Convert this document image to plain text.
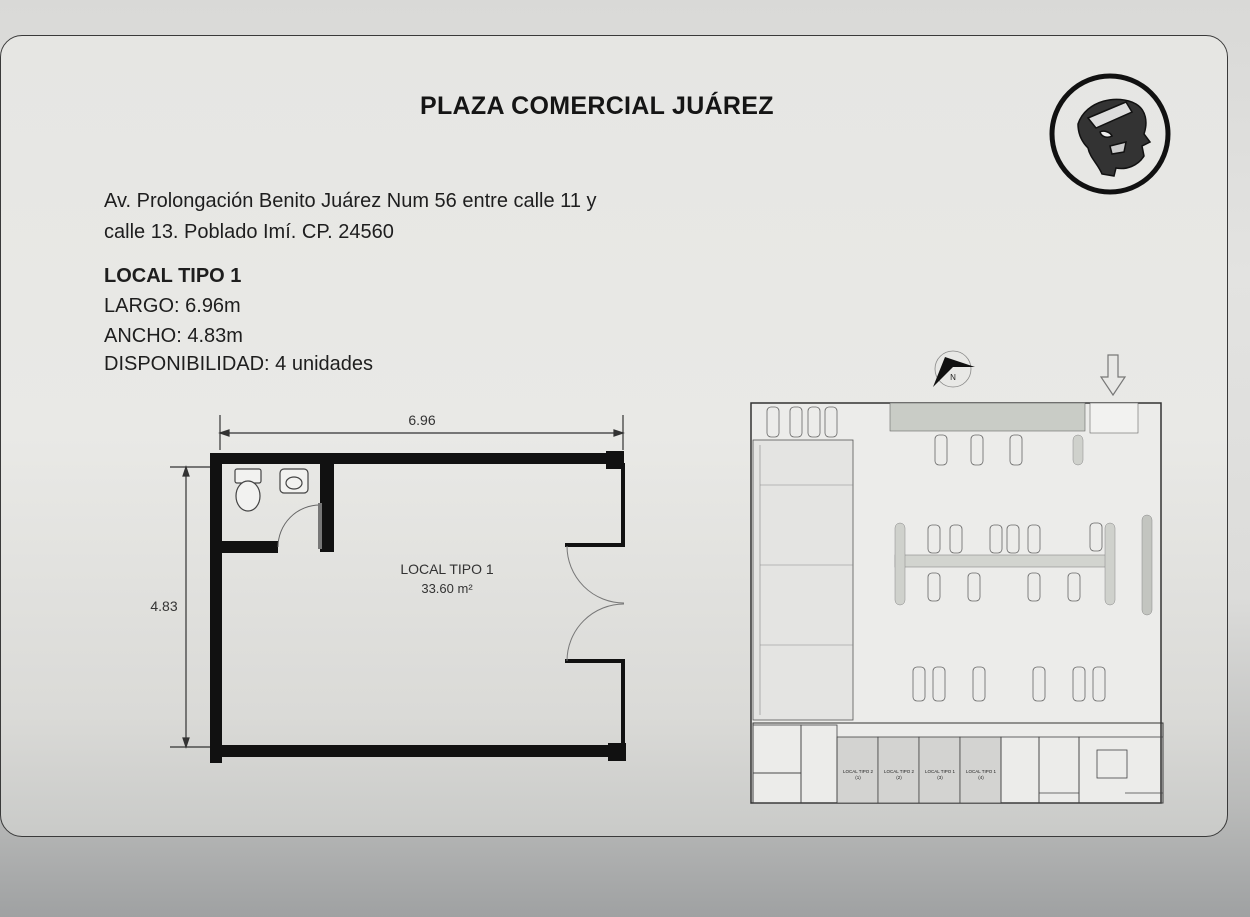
PLAZA COMERCIAL JUÁREZ
Av. Prolongación Benito Juárez Num 56 entre calle 11 y
calle 13. Poblado Imí. CP. 24560
LOCAL TIPO 1
LARGO: 6.96m
ANCHO: 4.83m
DISPONIBILIDAD: 4 unidades
6.96
4.83
LOCAL TIPO 1
33.60 m²
N
LOCAL TIPO 2
(1)
LOCAL TIPO 2
(2)
LOCAL TIPO 1
(3)
LOCAL TIPO 1
(4)
